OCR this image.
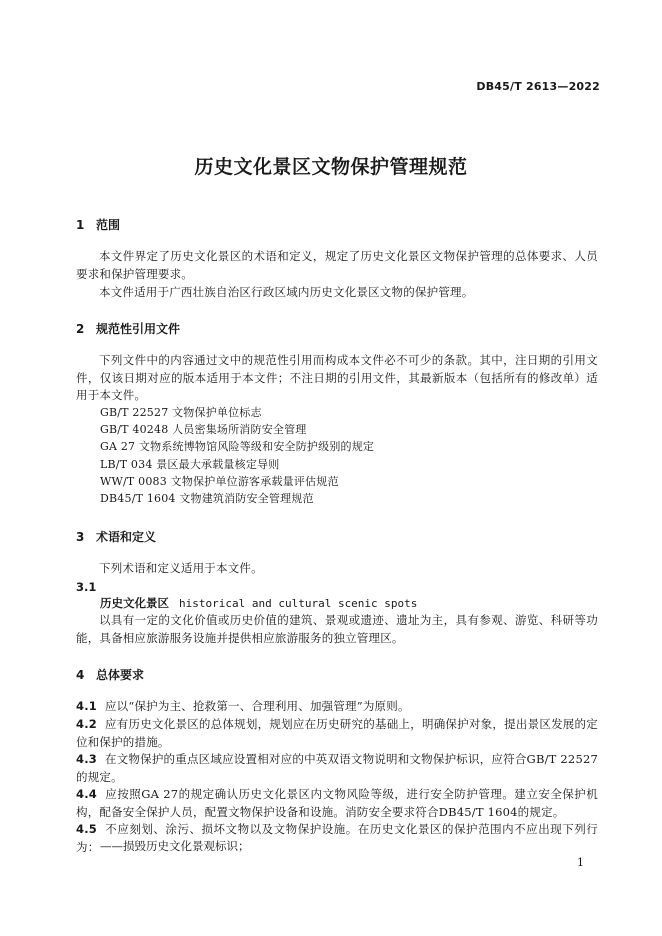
DB45/T 2613—2022
历史文化景区文物保护管理规范
1 范围
本文件界定了历史文化景区的术语和定义，规定了历史文化景区文物保护管理的总体要求、人员要求和保护管理要求。
本文件适用于广西壮族自治区行政区域内历史文化景区文物的保护管理。
2 规范性引用文件
下列文件中的内容通过文中的规范性引用而构成本文件必不可少的条款。其中，注日期的引用文件，仅该日期对应的版本适用于本文件；不注日期的引用文件，其最新版本（包括所有的修改单）适用于本文件。
GB/T 22527 文物保护单位标志
GB/T 40248 人员密集场所消防安全管理
GA 27 文物系统博物馆风险等级和安全防护级别的规定
LB/T 034 景区最大承载量核定导则
WW/T 0083 文物保护单位游客承载量评估规范
DB45/T 1604 文物建筑消防安全管理规范
3 术语和定义
下列术语和定义适用于本文件。
3.1
历史文化景区 historical and cultural scenic spots
以具有一定的文化价值或历史价值的建筑、景观或遗迹、遗址为主，具有参观、游览、科研等功能，具备相应旅游服务设施并提供相应旅游服务的独立管理区。
4 总体要求
4.1 应以“保护为主、抢救第一、合理利用、加强管理”为原则。
4.2 应有历史文化景区的总体规划，规划应在历史研究的基础上，明确保护对象，提出景区发展的定位和保护的措施。
4.3 在文物保护的重点区域应设置相对应的中英双语文物说明和文物保护标识，应符合GB/T 22527的规定。
4.4 应按照GA 27的规定确认历史文化景区内文物风险等级，进行安全防护管理。建立安全保护机构，配备安全保护人员，配置文物保护设备和设施。消防安全要求符合DB45/T 1604的规定。
4.5 不应刻划、涂污、损坏文物以及文物保护设施。在历史文化景区的保护范围内不应出现下列行为： ——损毁历史文化景观标识；
1
